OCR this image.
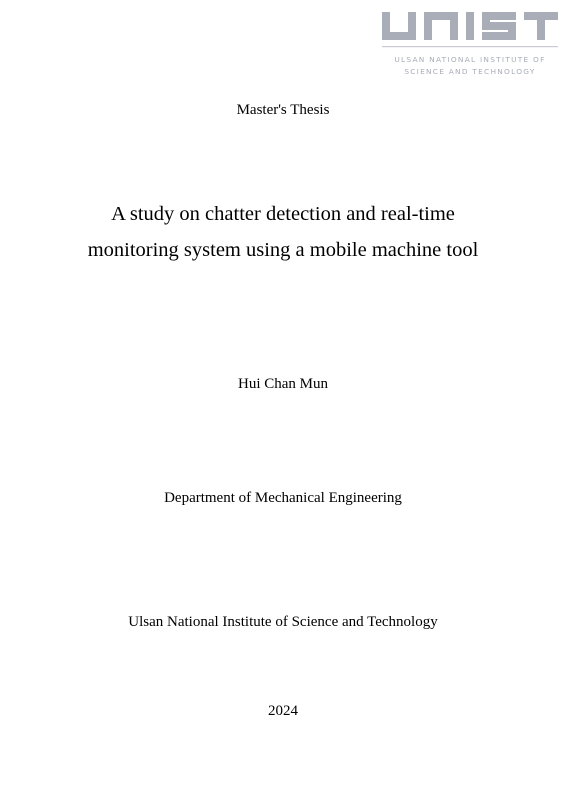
ULSAN NATIONAL INSTITUTE OF
SCIENCE AND TECHNOLOGY
Master's Thesis
A study on chatter detection and real-time
monitoring system using a mobile machine tool
Hui Chan Mun
Department of Mechanical Engineering
Ulsan National Institute of Science and Technology
2024
